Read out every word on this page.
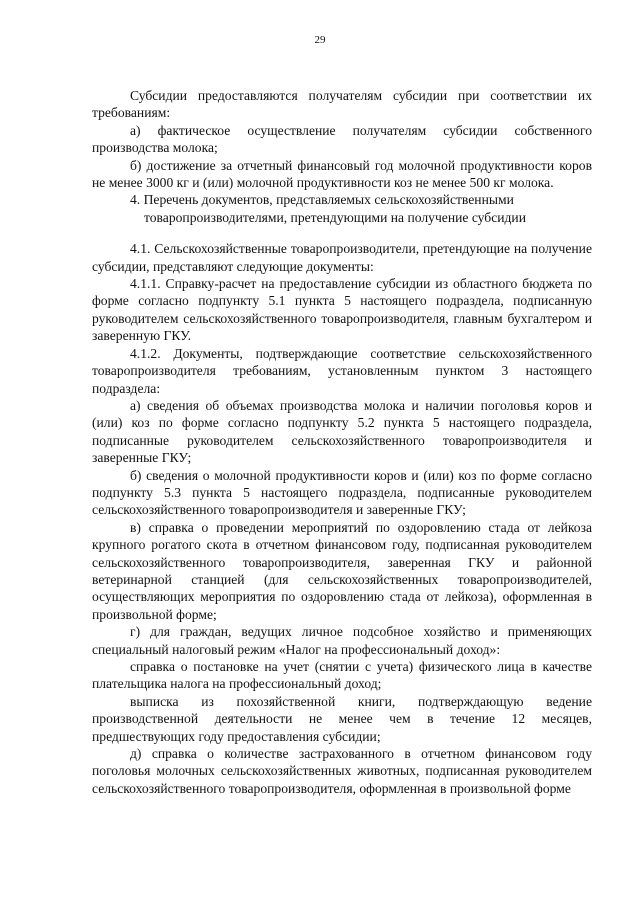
29

Субсидии предоставляются получателям субсидии при соответствии их требованиям:

а) фактическое осуществление получателям субсидии собственного производства молока;

б) достижение за отчетный финансовый год молочной продуктивности коров не менее 3000 кг и (или) молочной продуктивности коз не менее 500 кг молока.

4. Перечень документов, представляемых сельскохозяйственными
товаропроизводителями, претендующими на получение субсидии

4.1. Сельскохозяйственные товаропроизводители, претендующие на получение субсидии, представляют следующие документы:

4.1.1. Справку-расчет на предоставление субсидии из областного бюджета по форме согласно подпункту 5.1 пункта 5 настоящего подраздела, подписанную руководителем сельскохозяйственного товаропроизводителя, главным бухгалтером и заверенную ГКУ.

4.1.2. Документы, подтверждающие соответствие сельскохозяйственного товаропроизводителя требованиям, установленным пунктом 3 настоящего подраздела:

а) сведения об объемах производства молока и наличии поголовья коров и (или) коз по форме согласно подпункту 5.2 пункта 5 настоящего подраздела, подписанные руководителем сельскохозяйственного товаропроизводителя и заверенные ГКУ;

б) сведения о молочной продуктивности коров и (или) коз по форме согласно подпункту 5.3 пункта 5 настоящего подраздела, подписанные руководителем сельскохозяйственного товаропроизводителя и заверенные ГКУ;

в) справка о проведении мероприятий по оздоровлению стада от лейкоза крупного рогатого скота в отчетном финансовом году, подписанная руководителем сельскохозяйственного товаропроизводителя, заверенная ГКУ и районной ветеринарной станцией (для сельскохозяйственных товаропроизводителей, осуществляющих мероприятия по оздоровлению стада от лейкоза), оформленная в произвольной форме;

г) для граждан, ведущих личное подсобное хозяйство и применяющих специальный налоговый режим «Налог на профессиональный доход»:

справка о постановке на учет (снятии с учета) физического лица в качестве плательщика налога на профессиональный доход;

выписка из похозяйственной книги, подтверждающую ведение производственной деятельности не менее чем в течение 12 месяцев, предшествующих году предоставления субсидии;

д) справка о количестве застрахованного в отчетном финансовом году поголовья молочных сельскохозяйственных животных, подписанная руководителем сельскохозяйственного товаропроизводителя, оформленная в произвольной форме
